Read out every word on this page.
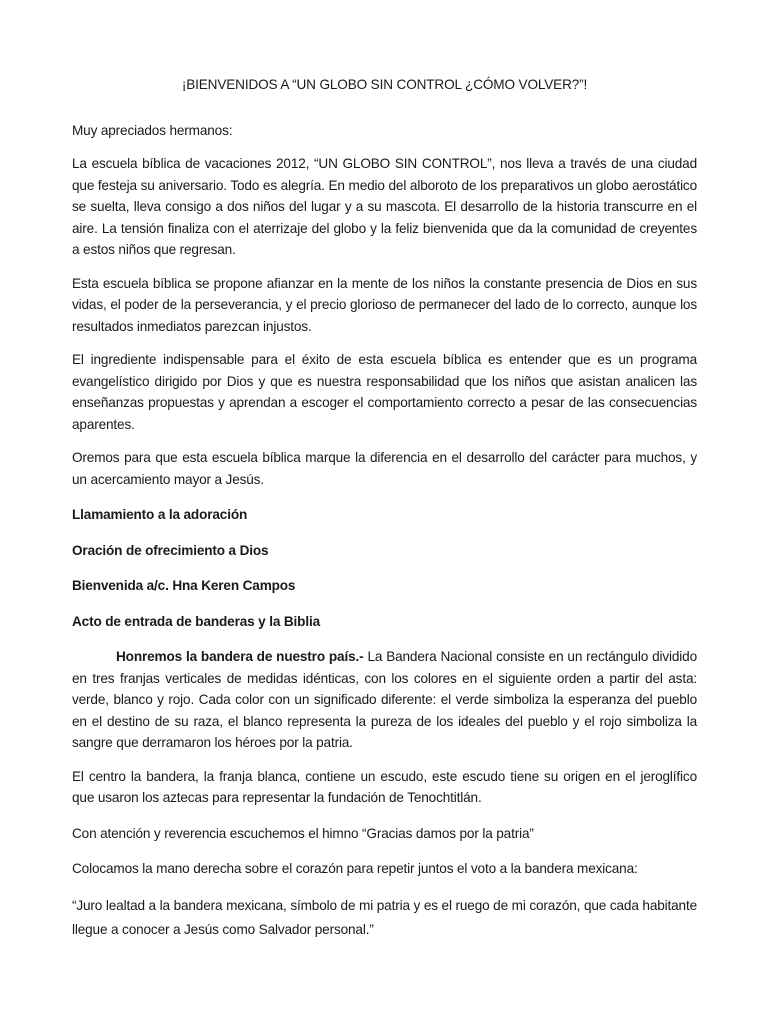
¡BIENVENIDOS A “UN GLOBO SIN CONTROL ¿CÓMO VOLVER?”!

Muy apreciados hermanos:

La escuela bíblica de vacaciones 2012, “UN GLOBO SIN CONTROL”, nos lleva a través de una ciudad que festeja su aniversario. Todo es alegría. En medio del alboroto de los preparativos un globo aerostático se suelta, lleva consigo a dos niños del lugar y a su mascota. El desarrollo de la historia transcurre en el aire. La tensión finaliza con el aterrizaje del globo y la feliz bienvenida que da la comunidad de creyentes a estos niños que regresan.

Esta escuela bíblica se propone afianzar en la mente de los niños la constante presencia de Dios en sus vidas, el poder de la perseverancia, y el precio glorioso de permanecer del lado de lo correcto, aunque los resultados inmediatos parezcan injustos.

El ingrediente indispensable para el éxito de esta escuela bíblica es entender que es un programa evangelístico dirigido por Dios y que es nuestra responsabilidad que los niños que asistan analicen las enseñanzas propuestas y aprendan a escoger el comportamiento correcto a pesar de las consecuencias aparentes.

Oremos para que esta escuela bíblica marque la diferencia en el desarrollo del carácter para muchos, y un acercamiento mayor a Jesús.

Llamamiento a la adoración

Oración de ofrecimiento a Dios

Bienvenida a/c. Hna Keren Campos

Acto de entrada de banderas y la Biblia

Honremos la bandera de nuestro país.- La Bandera Nacional consiste en un rectángulo dividido en tres franjas verticales de medidas idénticas, con los colores en el siguiente orden a partir del asta: verde, blanco y rojo. Cada color con un significado diferente: el verde simboliza la esperanza del pueblo en el destino de su raza, el blanco representa la pureza de los ideales del pueblo y el rojo simboliza la sangre que derramaron los héroes por la patria.

El centro la bandera, la franja blanca, contiene un escudo, este escudo tiene su origen en el jeroglífico que usaron los aztecas para representar la fundación de Tenochtitlán.

Con atención y reverencia escuchemos el himno “Gracias damos por la patria”

Colocamos la mano derecha sobre el corazón para repetir juntos el voto a la bandera mexicana:

“Juro lealtad a la bandera mexicana, símbolo de mi patria y es el ruego de mi corazón, que cada habitante llegue a conocer a Jesús como Salvador personal.”
